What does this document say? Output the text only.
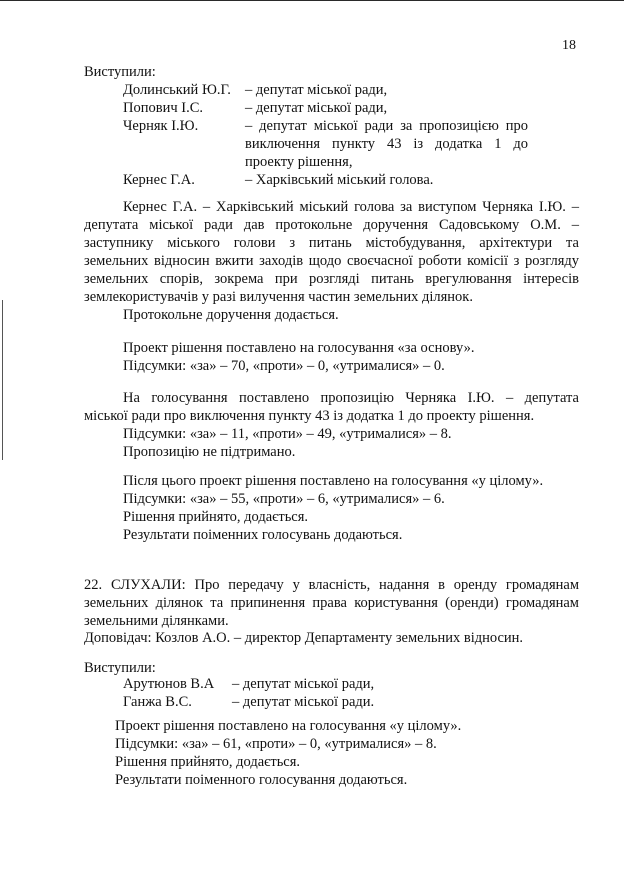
18
Виступили:
Долинський Ю.Г. – депутат міської ради,
Попович І.С.	– депутат міської ради,
Черняк І.Ю.	– депутат міської ради за пропозицією про
виключення пункту 43 із додатка 1 до
проекту рішення,
Кернес Г.А.	– Харківський міський голова.
Кернес Г.А. – Харківський міський голова за виступом Черняка І.Ю. –
депутата міської ради дав протокольне доручення Садовському О.М. –
заступнику міського голови з питань містобудування, архітектури та
земельних відносин вжити заходів щодо своєчасної роботи комісії з розгляду
земельних спорів, зокрема при розгляді питань врегулювання інтересів
землекористувачів у разі вилучення частин земельних ділянок.
Протокольне доручення додається.
Проект рішення поставлено на голосування «за основу».
Підсумки: «за» – 70, «проти» – 0, «утрималися» – 0.
На голосування поставлено пропозицію Черняка І.Ю. – депутата
міської ради про виключення пункту 43 із додатка 1 до проекту рішення.
Підсумки: «за» – 11, «проти» – 49, «утрималися» – 8.
Пропозицію не підтримано.
Після цього проект рішення поставлено на голосування «у цілому».
Підсумки: «за» – 55, «проти» – 6, «утрималися» – 6.
Рішення прийнято, додається.
Результати поіменних голосувань додаються.
22. СЛУХАЛИ: Про передачу у власність, надання в оренду громадянам
земельних ділянок та припинення права користування (оренди) громадянам
земельними ділянками.
Доповідач: Козлов А.О. – директор Департаменту земельних відносин.
Виступили:
Арутюнов В.А – депутат міської ради,
Ганжа В.С.	– депутат міської ради.
Проект рішення поставлено на голосування «у цілому».
Підсумки: «за» – 61, «проти» – 0, «утрималися» – 8.
Рішення прийнято, додається.
Результати поіменного голосування додаються.
